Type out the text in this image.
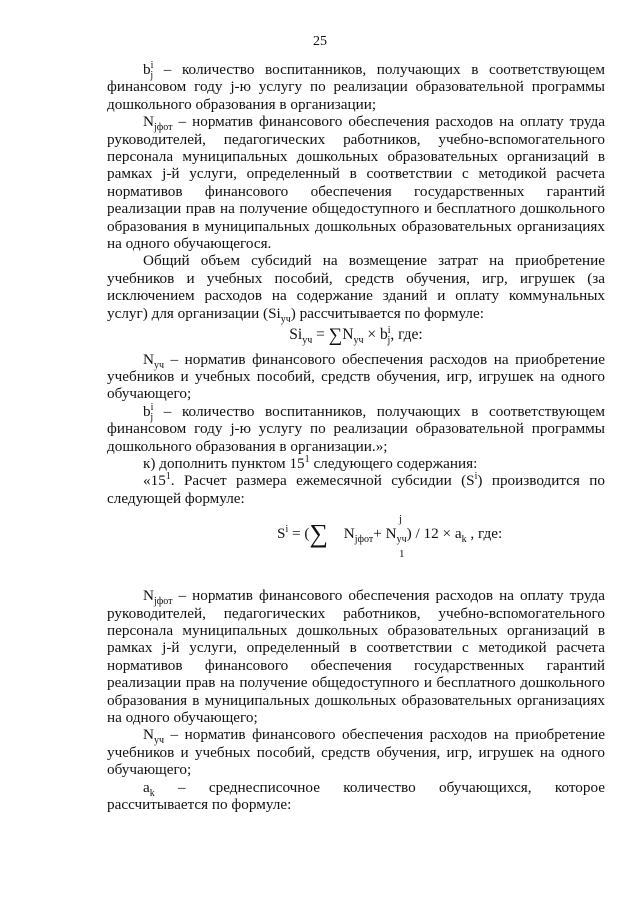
25

$b^i_j$ – количество воспитанников, получающих в соответствующем финансовом году j-ю услугу по реализации образовательной программы дошкольного образования в организации;

$N_{jфот}$ – норматив финансового обеспечения расходов на оплату труда руководителей, педагогических работников, учебно-вспомогательного персонала муниципальных дошкольных образовательных организаций в рамках j-й услуги, определенный в соответствии с методикой расчета нормативов финансового обеспечения государственных гарантий реализации прав на получение общедоступного и бесплатного дошкольного образования в муниципальных дошкольных образовательных организациях на одного обучающегося.

Общий объем субсидий на возмещение затрат на приобретение учебников и учебных пособий, средств обучения, игр, игрушек (за исключением расходов на содержание зданий и оплату коммунальных услуг) для организации $(Si_{уч})$ рассчитывается по формуле:

$Si_{уч} = \sum N_{уч} \times b^i_j$, где:

$N_{уч}$ – норматив финансового обеспечения расходов на приобретение учебников и учебных пособий, средств обучения, игр, игрушек на одного обучающего;

$b^i_j$ – количество воспитанников, получающих в соответствующем финансовом году j-ю услугу по реализации образовательной программы дошкольного образования в организации.»;

к) дополнить пунктом $15^1$ следующего содержания:

«$15^1$. Расчет размера ежемесячной субсидии $(S^i)$ производится по следующей формуле:

$S^i$ = (∑	j
1
$N_{jфот}+ N_{уч}) / 12 \times a_k$ , где:

$N_{jфот}$ – норматив финансового обеспечения расходов на оплату труда руководителей, педагогических работников, учебно-вспомогательного персонала муниципальных дошкольных образовательных организаций в рамках j-й услуги, определенный в соответствии с методикой расчета нормативов финансового обеспечения государственных гарантий реализации прав на получение общедоступного и бесплатного дошкольного образования в муниципальных дошкольных образовательных организациях на одного обучающего;

$N_{уч}$ – норматив финансового обеспечения расходов на приобретение учебников и учебных пособий, средств обучения, игр, игрушек на одного обучающего;

$a_k$ – среднесписочное количество обучающихся, которое

рассчитывается по формуле:
